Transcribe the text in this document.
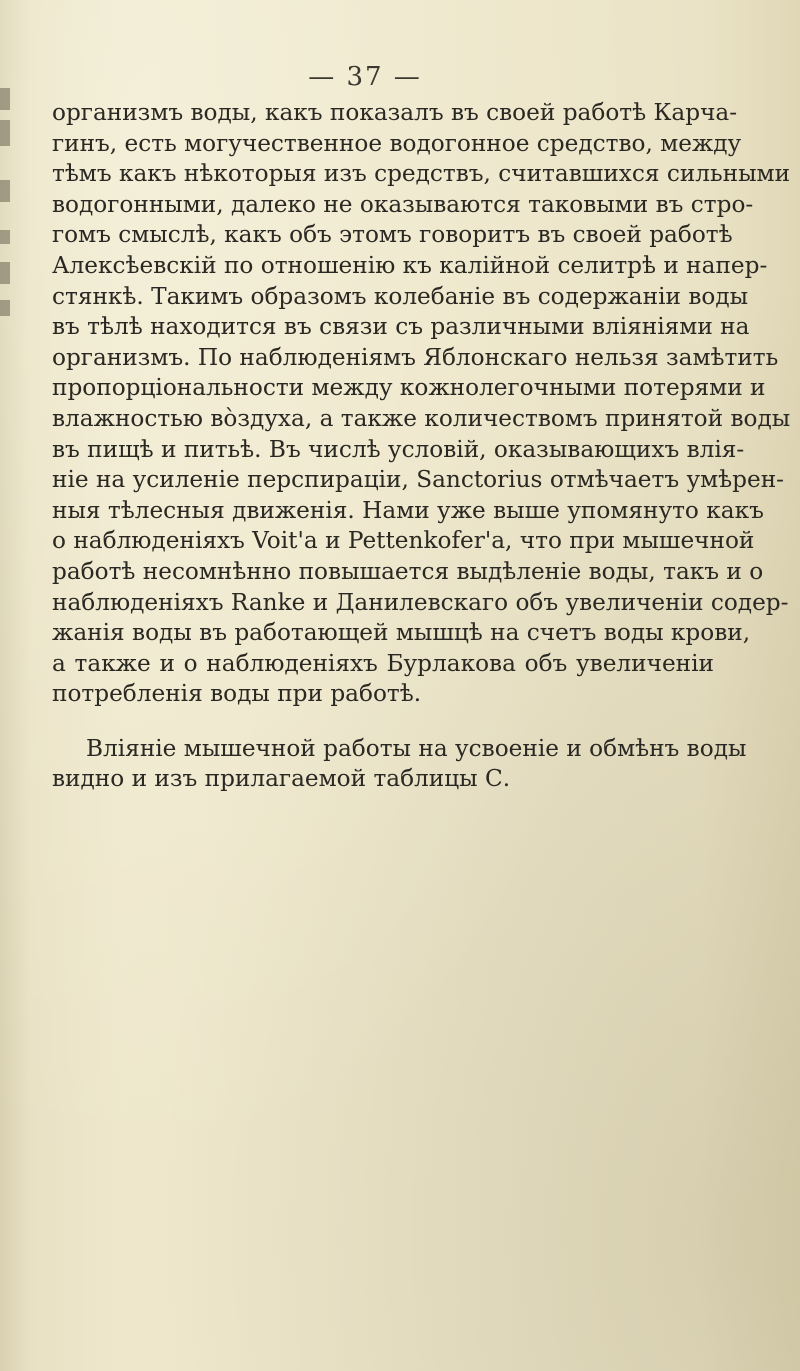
— 37 —
организмъ воды, какъ показалъ въ своей работѣ Карча-
гинъ, есть могучественное водогонное средство, между
тѣмъ какъ нѣкоторыя изъ средствъ, считавшихся сильными
водогонными, далеко не оказываются таковыми въ стро-
гомъ смыслѣ, какъ объ этомъ говоритъ въ своей работѣ
Алексѣевскій по отношенію къ калійной селитрѣ и напер-
стянкѣ. Такимъ образомъ колебаніе въ содержаніи воды
въ тѣлѣ находится въ связи съ различными вліяніями на
организмъ. По наблюденіямъ Яблонскаго нельзя замѣтить
пропорціональности между кожнолегочными потерями и
влажностью вòздуха, а также количествомъ принятой воды
въ пищѣ и питьѣ. Въ числѣ условій, оказывающихъ влія-
ніе на усиленіе перспираціи, Sanctorius отмѣчаетъ умѣрен-
ныя тѣлесныя движенія. Нами уже выше упомянуто какъ
о наблюденіяхъ Voit'а и Pettenkofer'а, что при мышечной
работѣ несомнѣнно повышается выдѣленіе воды, такъ и о
наблюденіяхъ Ranke и Данилевскаго объ увеличеніи содер-
жанія воды въ работающей мышцѣ на счетъ воды крови,
а также и о наблюденіяхъ Бурлакова объ увеличеніи
потребленія воды при работѣ.
Вліяніе мышечной работы на усвоеніе и обмѣнъ воды
видно и изъ прилагаемой таблицы С.
